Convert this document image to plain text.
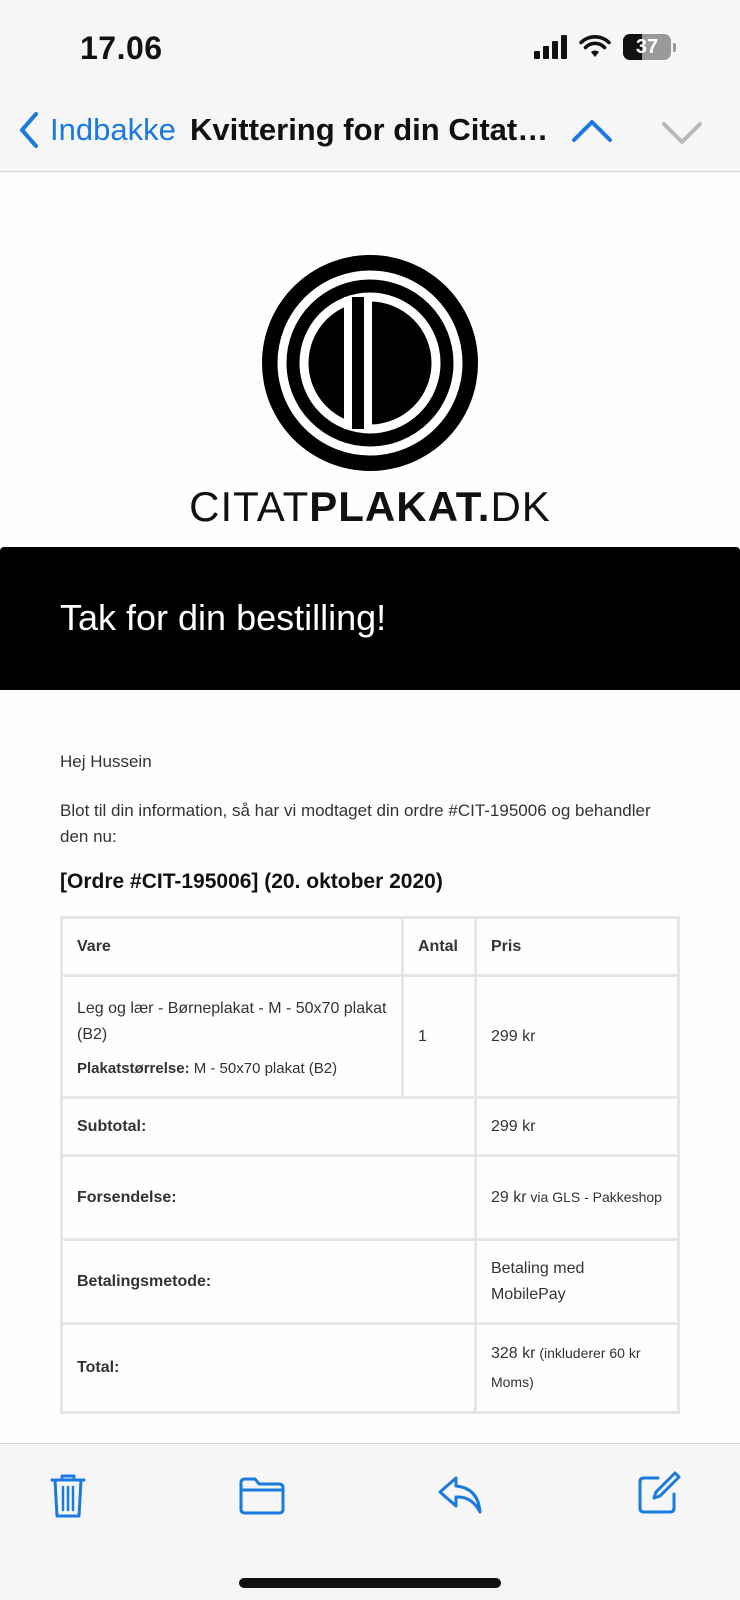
17.06	37
Indbakke Kvittering for din Citat…
CITATPLAKAT.DK
Tak for din bestilling!
Hej Hussein
Blot til din information, så har vi modtaget din ordre #CIT-195006 og behandler den nu:
[Ordre #CIT-195006] (20. oktober 2020)
Vare	Antal	Pris

Leg og lær - Børneplakat - M - 50x70 plakat (B2)
Plakatstørrelse: M - 50x70 plakat (B2)	1	299 kr
Subtotal:		299 kr
Forsendelse:		29 kr via GLS - Pakkeshop
Betalingsmetode:		Betaling med MobilePay
Total:		328 kr (inkluderer 60 kr Moms)
